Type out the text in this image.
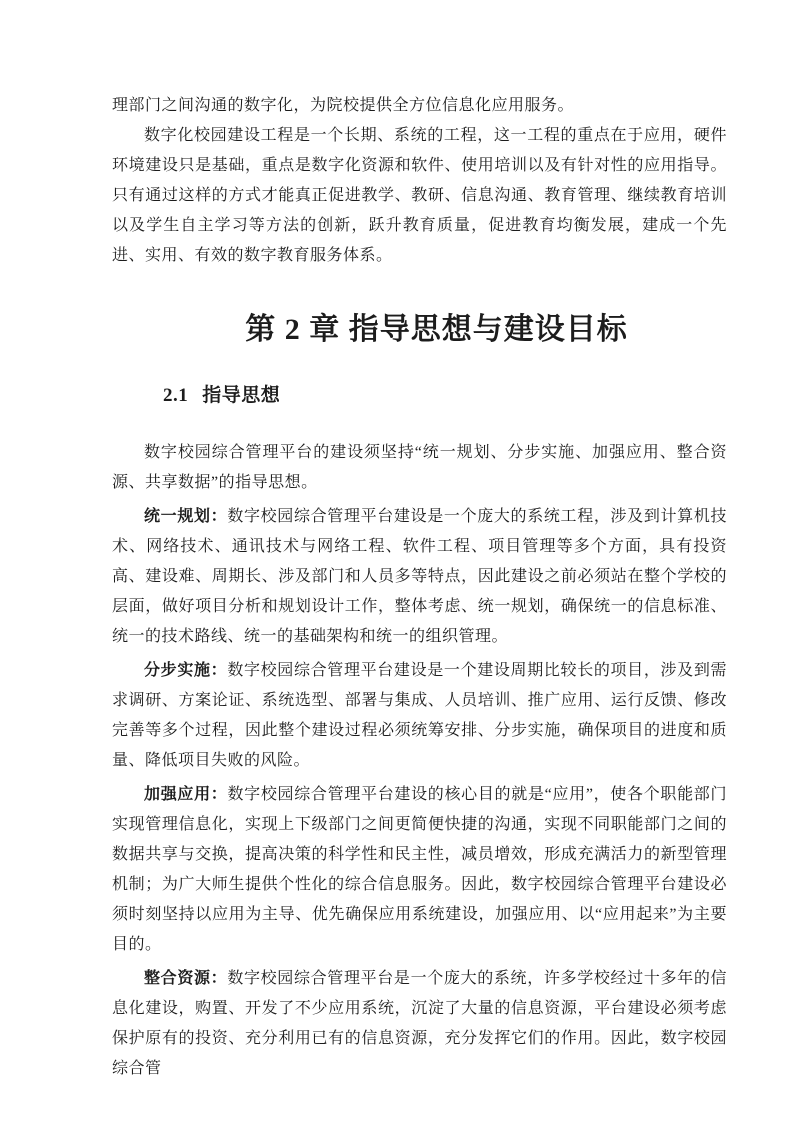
理部门之间沟通的数字化，为院校提供全方位信息化应用服务。

数字化校园建设工程是一个长期、系统的工程，这一工程的重点在于应用，硬件环境建设只是基础，重点是数字化资源和软件、使用培训以及有针对性的应用指导。只有通过这样的方式才能真正促进教学、教研、信息沟通、教育管理、继续教育培训以及学生自主学习等方法的创新，跃升教育质量，促进教育均衡发展，建成一个先进、实用、有效的数字教育服务体系。

第 2 章 指导思想与建设目标
2.1 指导思想

数字校园综合管理平台的建设须坚持“统一规划、分步实施、加强应用、整合资源、共享数据”的指导思想。

统一规划：数字校园综合管理平台建设是一个庞大的系统工程，涉及到计算机技术、网络技术、通讯技术与网络工程、软件工程、项目管理等多个方面，具有投资高、建设难、周期长、涉及部门和人员多等特点，因此建设之前必须站在整个学校的层面，做好项目分析和规划设计工作，整体考虑、统一规划，确保统一的信息标准、统一的技术路线、统一的基础架构和统一的组织管理。

分步实施：数字校园综合管理平台建设是一个建设周期比较长的项目，涉及到需求调研、方案论证、系统选型、部署与集成、人员培训、推广应用、运行反馈、修改完善等多个过程，因此整个建设过程必须统筹安排、分步实施，确保项目的进度和质量、降低项目失败的风险。

加强应用：数字校园综合管理平台建设的核心目的就是“应用”，使各个职能部门实现管理信息化，实现上下级部门之间更简便快捷的沟通，实现不同职能部门之间的数据共享与交换，提高决策的科学性和民主性，减员增效，形成充满活力的新型管理机制；为广大师生提供个性化的综合信息服务。因此，数字校园综合管理平台建设必须时刻坚持以应用为主导、优先确保应用系统建设，加强应用、以“应用起来”为主要目的。

整合资源：数字校园综合管理平台是一个庞大的系统，许多学校经过十多年的信息化建设，购置、开发了不少应用系统，沉淀了大量的信息资源，平台建设必须考虑保护原有的投资、充分利用已有的信息资源，充分发挥它们的作用。因此，数字校园综合管
